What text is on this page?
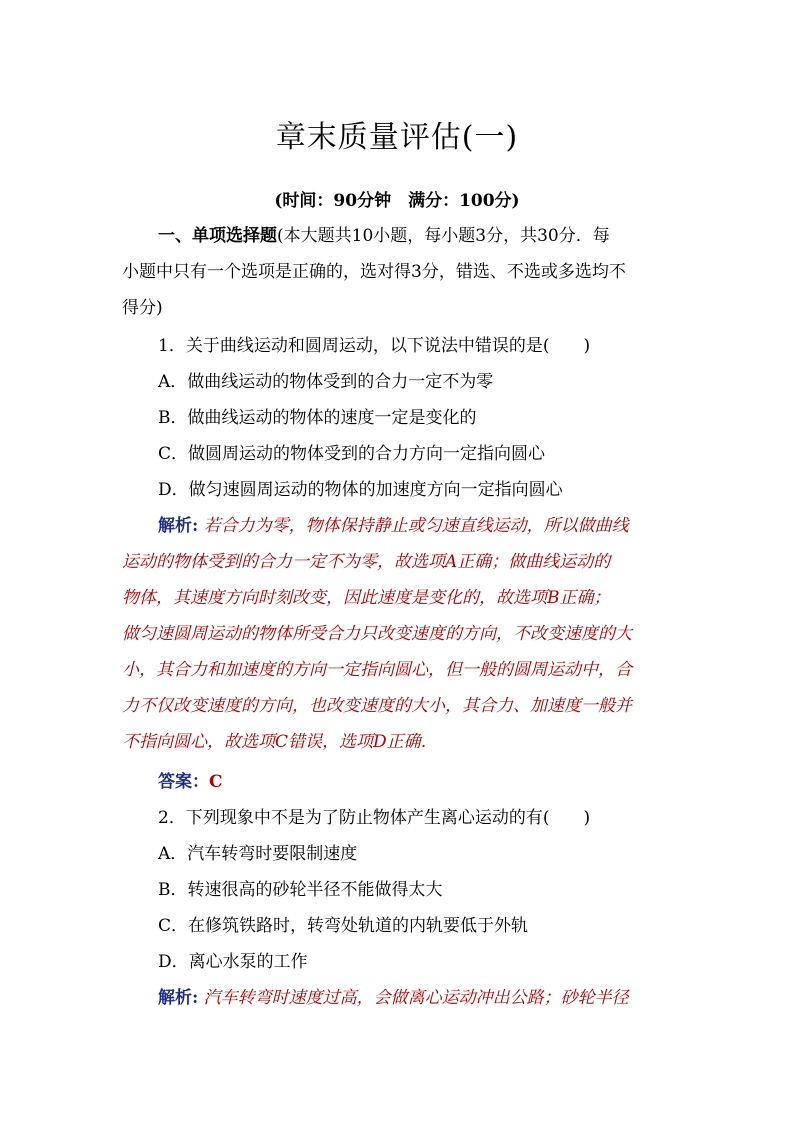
章末质量评估(一)
(时间：90分钟　满分：100分)
一、单项选择题(本大题共10小题，每小题3分，共30分．每
小题中只有一个选项是正确的，选对得3分，错选、不选或多选均不
得分)
1．关于曲线运动和圆周运动，以下说法中错误的是(　　)
A．做曲线运动的物体受到的合力一定不为零
B．做曲线运动的物体的速度一定是变化的
C．做圆周运动的物体受到的合力方向一定指向圆心
D．做匀速圆周运动的物体的加速度方向一定指向圆心
解析: 若合力为零，物体保持静止或匀速直线运动，所以做曲线
运动的物体受到的合力一定不为零，故选项A正确；做曲线运动的
物体，其速度方向时刻改变，因此速度是变化的，故选项B正确；
做匀速圆周运动的物体所受合力只改变速度的方向，不改变速度的大
小，其合力和加速度的方向一定指向圆心，但一般的圆周运动中，合
力不仅改变速度的方向，也改变速度的大小，其合力、加速度一般并
不指向圆心，故选项C错误，选项D正确．
答案：C
2．下列现象中不是为了防止物体产生离心运动的有(　　)
A．汽车转弯时要限制速度
B．转速很高的砂轮半径不能做得太大
C．在修筑铁路时，转弯处轨道的内轨要低于外轨
D．离心水泵的工作
解析: 汽车转弯时速度过高，会做离心运动冲出公路；砂轮半径
